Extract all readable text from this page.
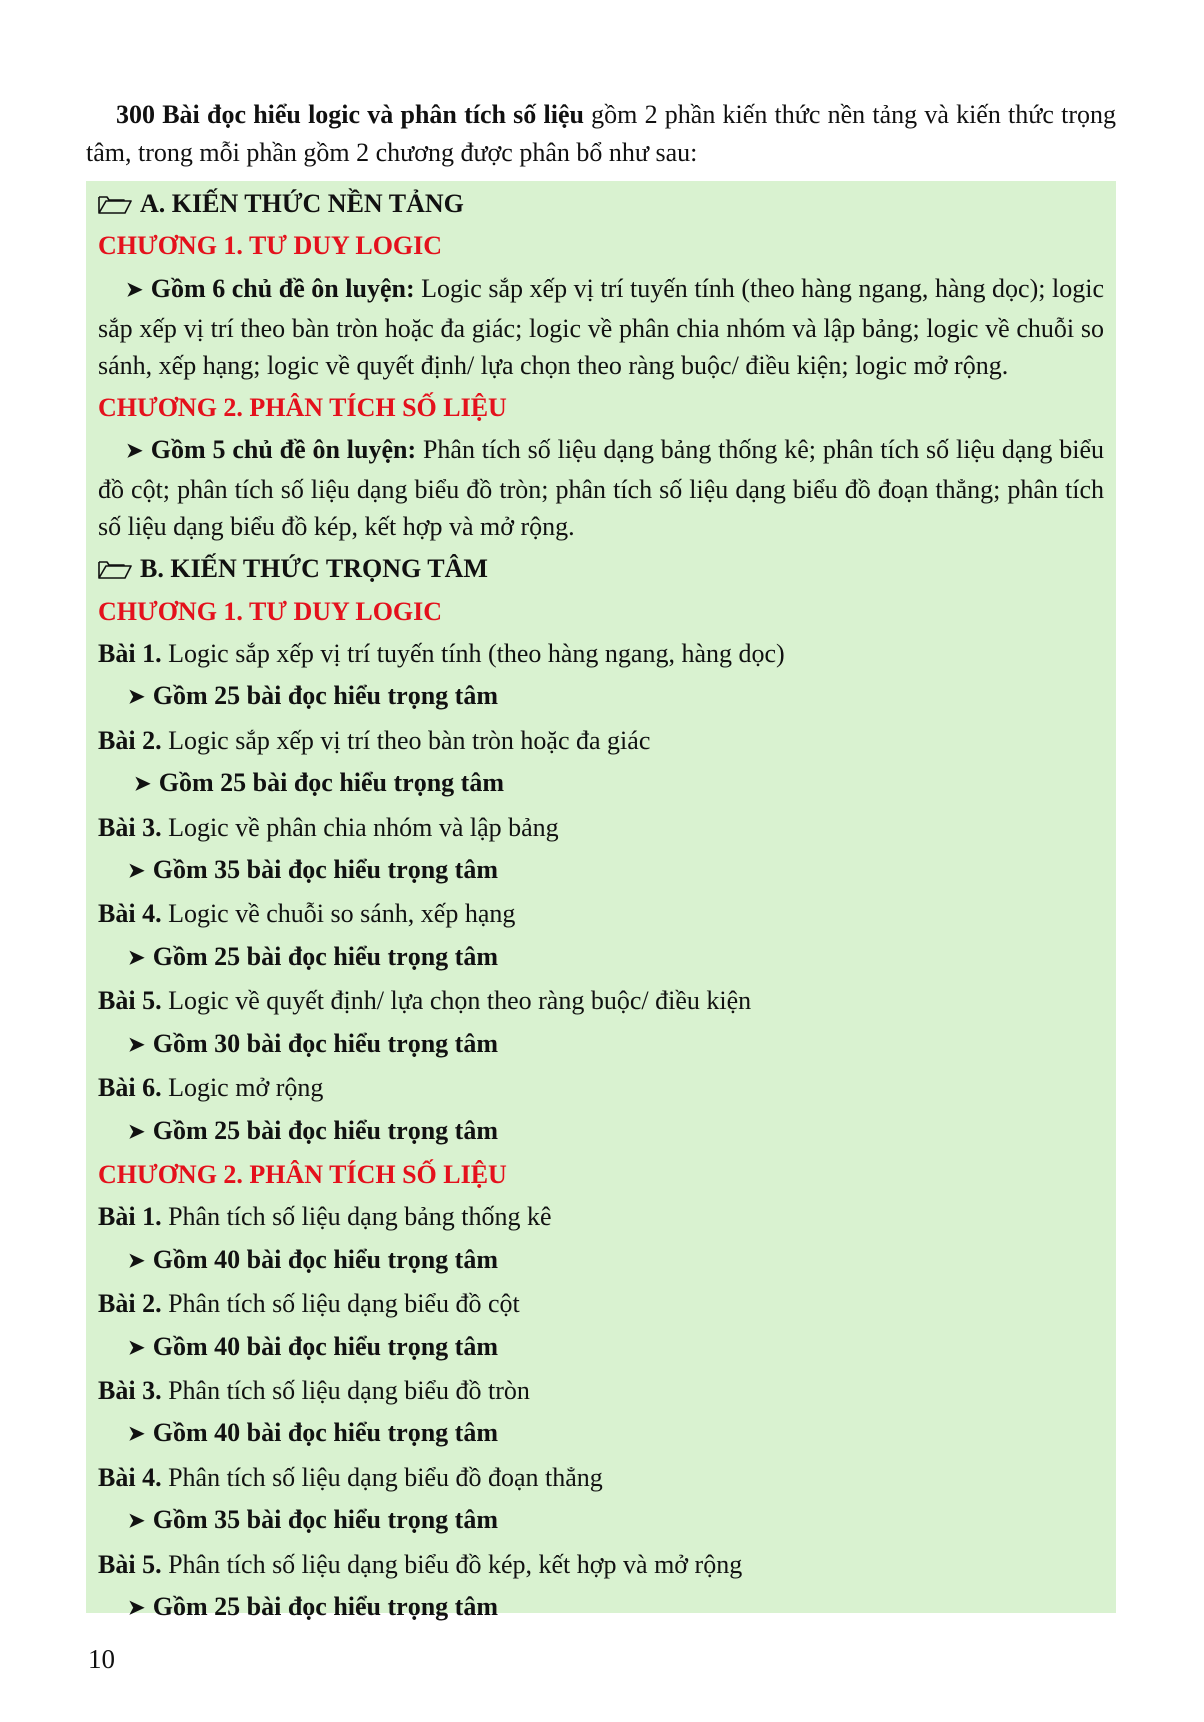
300 Bài đọc hiểu logic và phân tích số liệu gồm 2 phần kiến thức nền tảng và kiến thức trọng tâm, trong mỗi phần gồm 2 chương được phân bổ như sau:

A. KIẾN THỨC NỀN TẢNG
CHƯƠNG 1. TƯ DUY LOGIC

➤ Gồm 6 chủ đề ôn luyện: Logic sắp xếp vị trí tuyến tính (theo hàng ngang, hàng dọc); logic sắp xếp vị trí theo bàn tròn hoặc đa giác; logic về phân chia nhóm và lập bảng; logic về chuỗi so sánh, xếp hạng; logic về quyết định/ lựa chọn theo ràng buộc/ điều kiện; logic mở rộng.

CHƯƠNG 2. PHÂN TÍCH SỐ LIỆU

➤ Gồm 5 chủ đề ôn luyện: Phân tích số liệu dạng bảng thống kê; phân tích số liệu dạng biểu đồ cột; phân tích số liệu dạng biểu đồ tròn; phân tích số liệu dạng biểu đồ đoạn thẳng; phân tích số liệu dạng biểu đồ kép, kết hợp và mở rộng.

B. KIẾN THỨC TRỌNG TÂM
CHƯƠNG 1. TƯ DUY LOGIC
Bài 1. Logic sắp xếp vị trí tuyến tính (theo hàng ngang, hàng dọc)
➤ Gồm 25 bài đọc hiểu trọng tâm
Bài 2. Logic sắp xếp vị trí theo bàn tròn hoặc đa giác
➤ Gồm 25 bài đọc hiểu trọng tâm
Bài 3. Logic về phân chia nhóm và lập bảng
➤ Gồm 35 bài đọc hiểu trọng tâm
Bài 4. Logic về chuỗi so sánh, xếp hạng
➤ Gồm 25 bài đọc hiểu trọng tâm
Bài 5. Logic về quyết định/ lựa chọn theo ràng buộc/ điều kiện
➤ Gồm 30 bài đọc hiểu trọng tâm
Bài 6. Logic mở rộng
➤ Gồm 25 bài đọc hiểu trọng tâm
CHƯƠNG 2. PHÂN TÍCH SỐ LIỆU
Bài 1. Phân tích số liệu dạng bảng thống kê
➤ Gồm 40 bài đọc hiểu trọng tâm
Bài 2. Phân tích số liệu dạng biểu đồ cột
➤ Gồm 40 bài đọc hiểu trọng tâm
Bài 3. Phân tích số liệu dạng biểu đồ tròn
➤ Gồm 40 bài đọc hiểu trọng tâm
Bài 4. Phân tích số liệu dạng biểu đồ đoạn thẳng
➤ Gồm 35 bài đọc hiểu trọng tâm
Bài 5. Phân tích số liệu dạng biểu đồ kép, kết hợp và mở rộng
➤ Gồm 25 bài đọc hiểu trọng tâm
10
